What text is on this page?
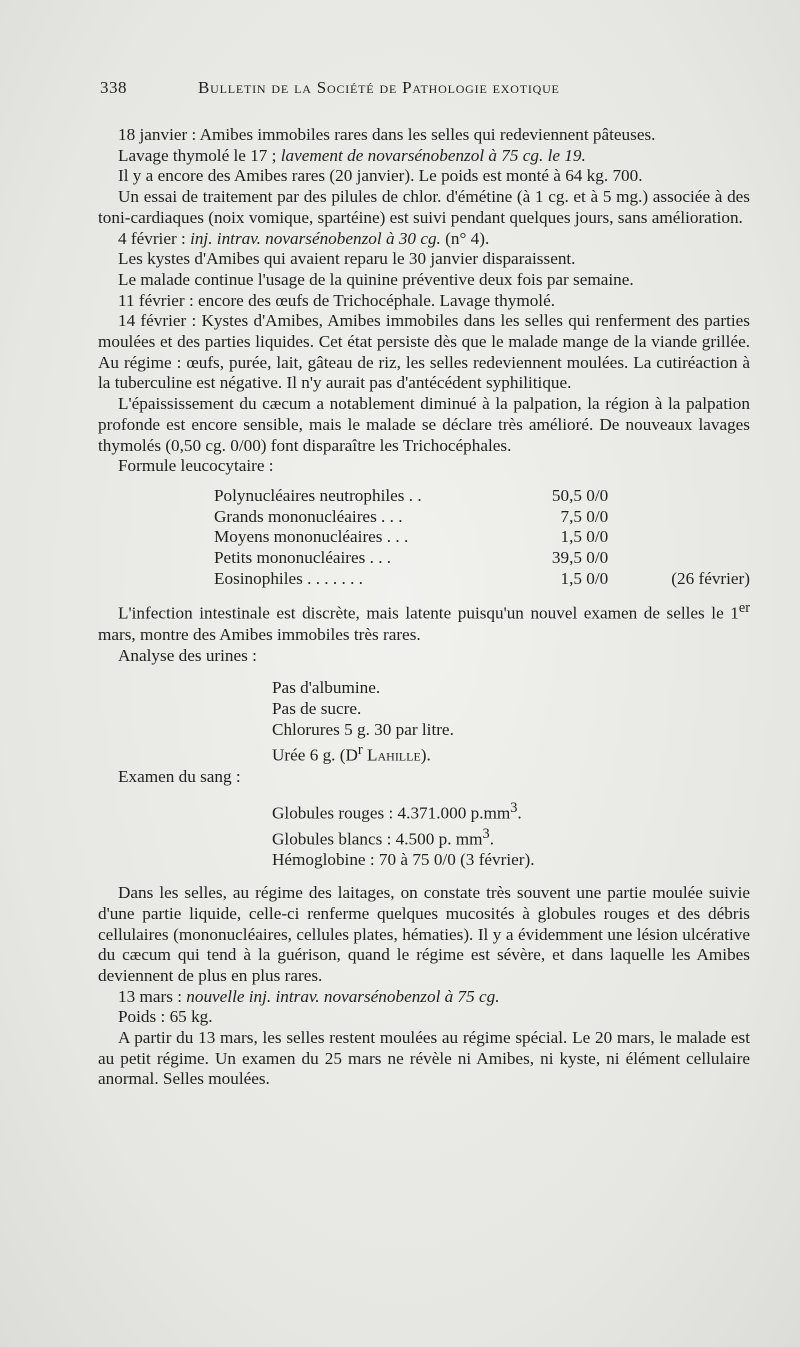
338	Bulletin de la Société de Pathologie exotique

18 janvier : Amibes immobiles rares dans les selles qui redeviennent pâteuses.

Lavage thymolé le 17 ; lavement de novarsénobenzol à 75 cg. le 19.

Il y a encore des Amibes rares (20 janvier). Le poids est monté à 64 kg. 700.

Un essai de traitement par des pilules de chlor. d'émétine (à 1 cg. et à 5 mg.) associée à des toni-cardiaques (noix vomique, spartéine) est suivi pendant quelques jours, sans amélioration.

4 février : inj. intrav. novarsénobenzol à 30 cg. (n° 4).

Les kystes d'Amibes qui avaient reparu le 30 janvier disparaissent.

Le malade continue l'usage de la quinine préventive deux fois par semaine.

11 février : encore des œufs de Trichocéphale. Lavage thymolé.

14 février : Kystes d'Amibes, Amibes immobiles dans les selles qui renferment des parties moulées et des parties liquides. Cet état persiste dès que le malade mange de la viande grillée. Au régime : œufs, purée, lait, gâteau de riz, les selles redeviennent moulées. La cutiréaction à la tuberculine est négative. Il n'y aurait pas d'antécédent syphilitique.

L'épaississement du cæcum a notablement diminué à la palpation, la région à la palpation profonde est encore sensible, mais le malade se déclare très amélioré. De nouveaux lavages thymolés (0,50 cg. 0/00) font disparaître les Trichocéphales.

Formule leucocytaire :

Polynucléaires neutrophiles . .	50,5 0/0	
Grands mononucléaires . . .	7,5 0/0	
Moyens mononucléaires . . .	1,5 0/0	
Petits mononucléaires . . .	39,5 0/0	
Eosinophiles . . . . . . .	1,5 0/0	(26 février)

L'infection intestinale est discrète, mais latente puisqu'un nouvel examen de selles le 1er mars, montre des Amibes immobiles très rares.

Analyse des urines :

Pas d'albumine.
Pas de sucre.
Chlorures 5 g. 30 par litre.
Urée 6 g. ($D^r$ Lahille).

Examen du sang :

Globules rouges : 4.371.000 $p.mm^3$.
Globules blancs : 4.500 p. $mm^3$.
Hémoglobine : 70 à 75 0/0 (3 février).

Dans les selles, au régime des laitages, on constate très souvent une partie moulée suivie d'une partie liquide, celle-ci renferme quelques mucosités à globules rouges et des débris cellulaires (mononucléaires, cellules plates, hématies). Il y a évidemment une lésion ulcérative du cæcum qui tend à la guérison, quand le régime est sévère, et dans laquelle les Amibes deviennent de plus en plus rares.

13 mars : nouvelle inj. intrav. novarsénobenzol à 75 cg.

Poids : 65 kg.

A partir du 13 mars, les selles restent moulées au régime spécial. Le 20 mars, le malade est au petit régime. Un examen du 25 mars ne révèle ni Amibes, ni kyste, ni élément cellulaire anormal. Selles moulées.
